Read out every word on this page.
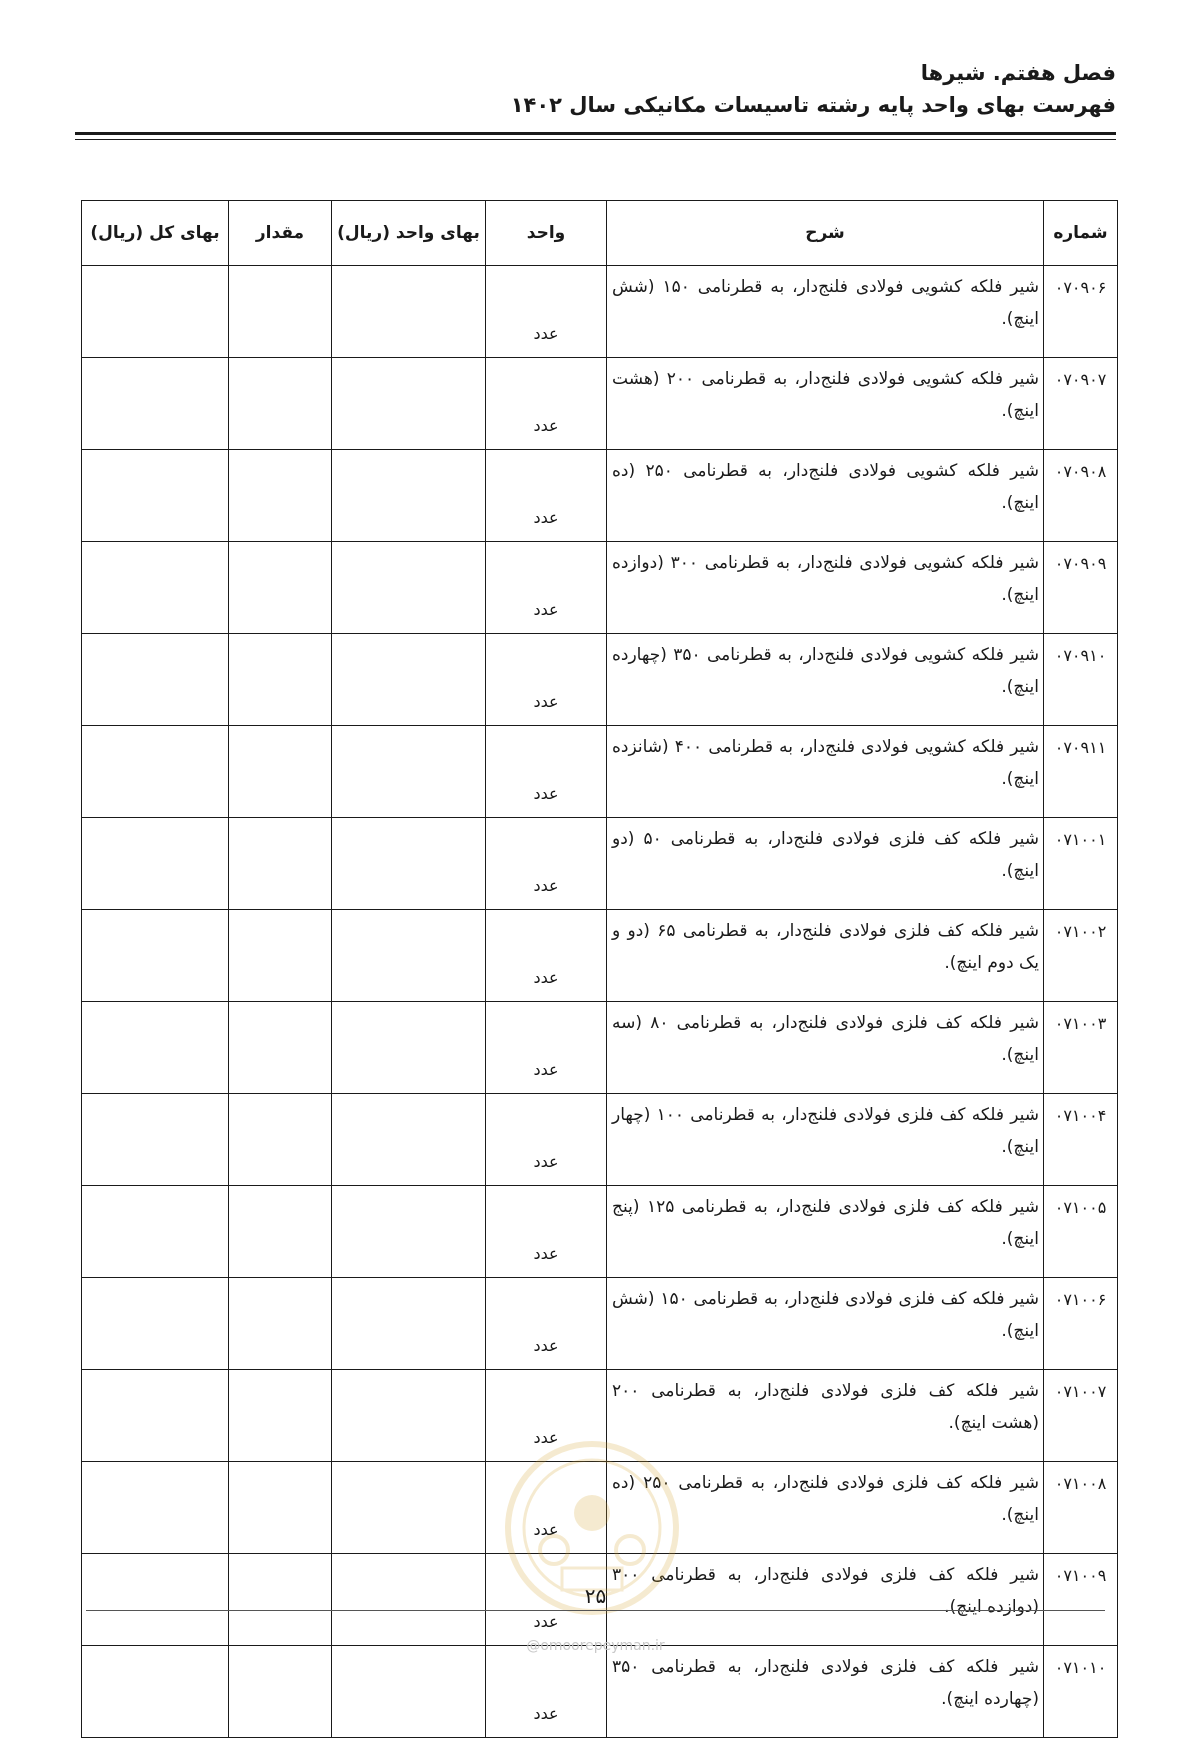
فصل هفتم. شیرها
فهرست بهای واحد پایه رشته تاسیسات مکانیکی سال ۱۴۰۲
شماره	شرح	واحد	بهای واحد (ریال)	مقدار	بهای کل (ریال)
۰۷۰۹۰۶	شیر فلکه کشویی فولادی فلنج‌دار، به قطرنامی ۱۵۰ (شش اینچ).	عدد			
۰۷۰۹۰۷	شیر فلکه کشویی فولادی فلنج‌دار، به قطرنامی ۲۰۰ (هشت اینچ).	عدد			
۰۷۰۹۰۸	شیر فلکه کشویی فولادی فلنج‌دار، به قطرنامی ۲۵۰ (ده اینچ).	عدد			
۰۷۰۹۰۹	شیر فلکه کشویی فولادی فلنج‌دار، به قطرنامی ۳۰۰ (دوازده اینچ).	عدد			
۰۷۰۹۱۰	شیر فلکه کشویی فولادی فلنج‌دار، به قطرنامی ۳۵۰ (چهارده اینچ).	عدد			
۰۷۰۹۱۱	شیر فلکه کشویی فولادی فلنج‌دار، به قطرنامی ۴۰۰ (شانزده اینچ).	عدد			
۰۷۱۰۰۱	شیر فلکه کف فلزی فولادی فلنج‌دار، به قطرنامی ۵۰ (دو اینچ).	عدد			
۰۷۱۰۰۲	شیر فلکه کف فلزی فولادی فلنج‌دار، به قطرنامی ۶۵ (دو و یک دوم اینچ).	عدد			
۰۷۱۰۰۳	شیر فلکه کف فلزی فولادی فلنج‌دار، به قطرنامی ۸۰ (سه اینچ).	عدد			
۰۷۱۰۰۴	شیر فلکه کف فلزی فولادی فلنج‌دار، به قطرنامی ۱۰۰ (چهار اینچ).	عدد			
۰۷۱۰۰۵	شیر فلکه کف فلزی فولادی فلنج‌دار، به قطرنامی ۱۲۵ (پنج اینچ).	عدد			
۰۷۱۰۰۶	شیر فلکه کف فلزی فولادی فلنج‌دار، به قطرنامی ۱۵۰ (شش اینچ).	عدد			
۰۷۱۰۰۷	شیر فلکه کف فلزی فولادی فلنج‌دار، به قطرنامی ۲۰۰ (هشت اینچ).	عدد			
۰۷۱۰۰۸	شیر فلکه کف فلزی فولادی فلنج‌دار، به قطرنامی ۲۵۰ (ده اینچ).	عدد			
۰۷۱۰۰۹	شیر فلکه کف فلزی فولادی فلنج‌دار، به قطرنامی ۳۰۰ (دوازده اینچ).	عدد			
۰۷۱۰۱۰	شیر فلکه کف فلزی فولادی فلنج‌دار، به قطرنامی ۳۵۰ (چهارده اینچ).	عدد			
۲۵
@omoorepeyman.ir
